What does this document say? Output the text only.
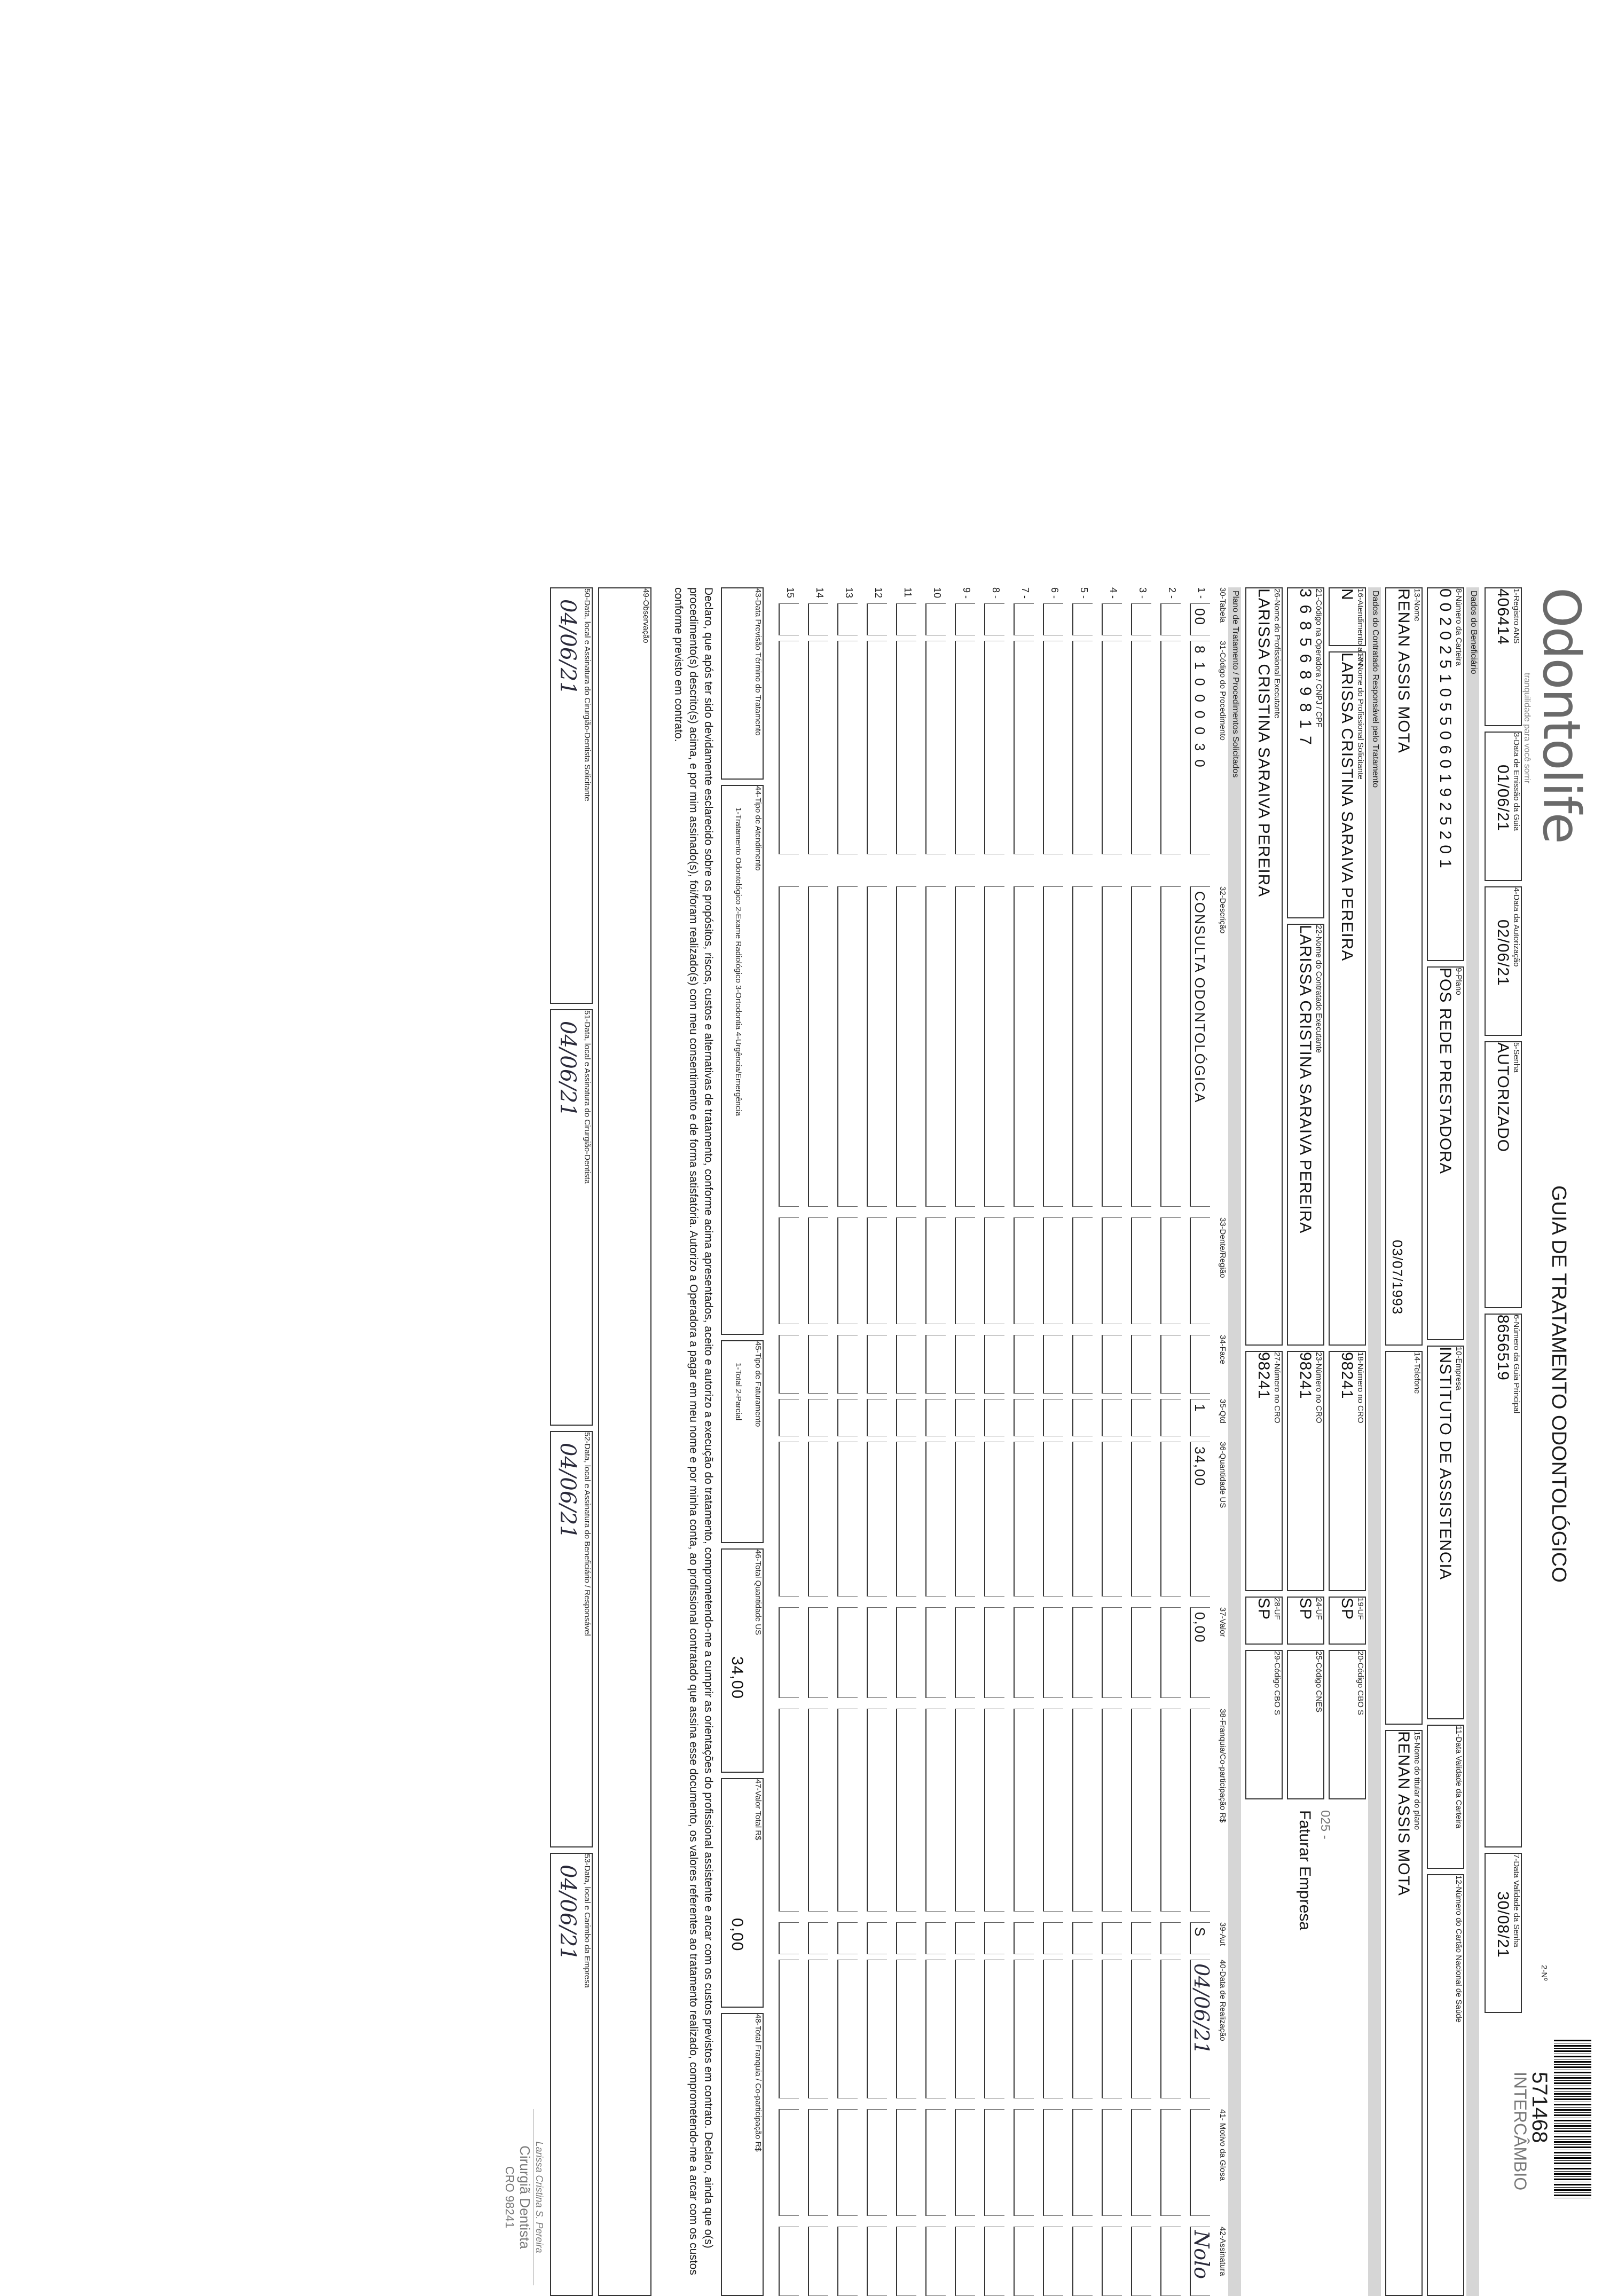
Odontolife
tranquilidade para você sorrir
GUIA DE TRATAMENTO ODONTOLÓGICO
2-Nº
571468
INTERCÂMBIO
1-Registro ANS
406414
3-Data de Emissão da Guia
01/06/21
4-Data da Autorização
02/06/21
5-Senha
AUTORIZADO
6-Número da Guia Principal
8656519
7-Data Validade da Senha
30/08/21
Dados do Beneficiário
8-Número da Carteira
00202510550601925201
9-Plano
POS REDE PRESTADORA
10-Empresa
INSTITUTO DE ASSISTENCIA
11-Data Validade da Carteira
12-Número do Cartão Nacional de Saúde
13-Nome
RENAN ASSIS MOTA
03/07/1993
14-Telefone
15-Nome do titular do plano
RENAN ASSIS MOTA
Dados do Contratado Responsável pelo Tratamento
16-Atendimento a RN
N
17-Nome do Profissional Solicitante
LARISSA CRISTINA SARAIVA PEREIRA
18-Número no CRO
98241
19-UF
SP
20-Código CBO S
21-Código na Operadora / CNPJ / CPF
3685689817
22-Nome do Contratado Executante
LARISSA CRISTINA SARAIVA PEREIRA
23-Número no CRO
98241
24-UF
SP
25-Código CNES
025 -
Faturar Empresa
26-Nome do Profissional Executante
LARISSA CRISTINA SARAIVA PEREIRA
27-Número no CRO
98241
28-UF
SP
29-Código CBO S
Plano de Tratamento / Procedimentos Solicitados
30-Tabela
31-Código do Procedimento
32-Descrição
33-Dente/Região
34-Face
35-Qtd
36-Quantidade US
37-Valor
38-Franquia/Co-participação R$
39-Aut
40-Data de Realização
41- Motivo da Glosa
42-Assinatura
1 -
00
81000030
CONSULTA ODONTOLÓGICA
1
34,00
0,00
S
04/06/21
Nolo
2 -
3 -
4 -
5 -
6 -
7 -
8 -
9 -
10
11
12
13
14
15
43-Data Previsão Término do Tratamento
44-Tipo de Atendimento
1-Tratamento Odontológico 2-Exame Radiológico 3-Ortodontia 4-Urgência/Emergência
45-Tipo de Faturamento
1-Total 2-Parcial
46-Total Quantidade US
34,00
47-Valor Total R$
0,00
48-Total Franquia / Co-participação R$
Declaro, que após ter sido devidamente esclarecido sobre os propósitos, riscos, custos e alternativas de tratamento, conforme acima apresentados, aceito e autorizo a execução do tratamento, comprometendo-me a cumprir as orientações do profissional assistente e arcar com os custos previstos em contrato. Declaro, ainda que o(s) procedimento(s) descrito(s) acima, e por mim assinado(s), foi/foram realizado(s) com meu consentimento e de forma satisfatória. Autorizo a Operadora a pagar em meu nome e por minha conta, ao profissional contratado que assina esse documento, os valores referentes ao tratamento realizado, comprometendo-me a arcar com os custos conforme previsto em contrato.
49-Observação
50-Data, local e Assinatura do Cirurgião-Dentista Solicitante
04/06/21
51-Data, local e Assinatura do Cirurgião-Dentista
04/06/21
52-Data, local e Assinatura do Beneficiário / Responsável
04/06/21
53-Data, local e Carimbo da Empresa
04/06/21
Larissa Cristina S. Pereira
Cirurgiã Dentista
CRO 98241
